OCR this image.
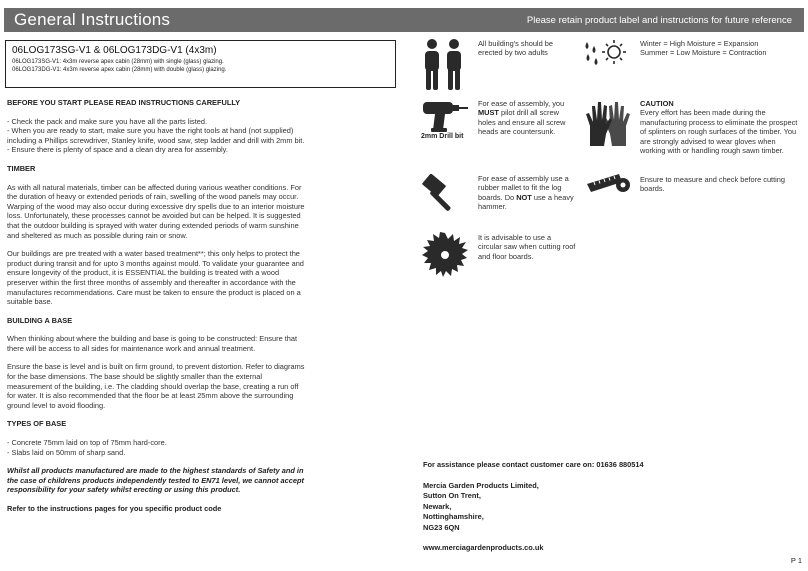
General Instructions	Please retain product label and instructions for future reference
06LOG173SG-V1 & 06LOG173DG-V1 (4x3m)
06LOG173SG-V1: 4x3m reverse apex cabin (28mm) with single (glass) glazing.
06LOG173DG-V1: 4x3m reverse apex cabin (28mm) with double (glass) glazing.
BEFORE YOU START PLEASE READ INSTRUCTIONS CAREFULLY
- Check the pack and make sure you have all the parts listed.
- When you are ready to start, make sure you have the right tools at hand (not supplied) including a Phillips screwdriver, Stanley knife, wood saw, step ladder and drill with 2mm bit.
- Ensure there is plenty of space and a clean dry area for assembly.
TIMBER
As with all natural materials, timber can be affected during various weather conditions. For the duration of heavy or extended periods of rain, swelling of the wood panels may occur. Warping of the wood may also occur during excessive dry spells due to an interior moisture loss. Unfortunately, these processes cannot be avoided but can be helped. It is suggested that the outdoor building is sprayed with water during extended periods of warm sunshine and sheltered as much as possible during rain or snow.
Our buildings are pre treated with a water based treatment**; this only helps to protect the product during transit and for upto 3 months against mould. To validate your guarantee and ensure longevity of the product, it is ESSENTIAL the building is treated with a wood preserver within the first three months of assembly and thereafter in accordance with the manufactures recommendations. Care must be taken to ensure the product is placed on a suitable base.
BUILDING A BASE
When thinking about where the building and base is going to be constructed: Ensure that there will be access to all sides for maintenance work and annual treatment.
Ensure the base is level and is built on firm ground, to prevent distortion. Refer to diagrams for the base dimensions. The base should be slightly smaller than the external measurement of the building, i.e. The cladding should overlap the base, creating a run off for water. It is also recommended that the floor be at least 25mm above the surrounding ground level to avoid flooding.
TYPES OF BASE
- Concrete 75mm laid on top of 75mm hard-core.
- Slabs laid on 50mm of sharp sand.
Whilst all products manufactured are made to the highest standards of Safety and in the case of childrens products independently tested to EN71 level, we cannot accept responsibility for your safety whilst erecting or using this product.
Refer to the instructions pages for you specific product code
All building's should be erected by two adults
2mm Drill bit
For ease of assembly, you MUST pilot drill all screw holes and ensure all screw heads are countersunk.
For ease of assembly use a rubber mallet to fit the log boards. Do NOT use a heavy hammer.
It is advisable to use a circular saw when cutting roof and floor boards.
Winter = High Moisture = Expansion
Summer = Low Moisture = Contraction
CAUTION
Every effort has been made during the manufacturing process to eliminate the prospect of splinters on rough surfaces of the timber. You are strongly advised to wear gloves when working with or handling rough sawn timber.
Ensure to measure and check before cutting boards.
For assistance please contact customer care on: 01636 880514
Mercia Garden Products Limited,
Sutton On Trent,
Newark,
Nottinghamshire,
NG23 6QN
www.merciagardenproducts.co.uk
P 1
